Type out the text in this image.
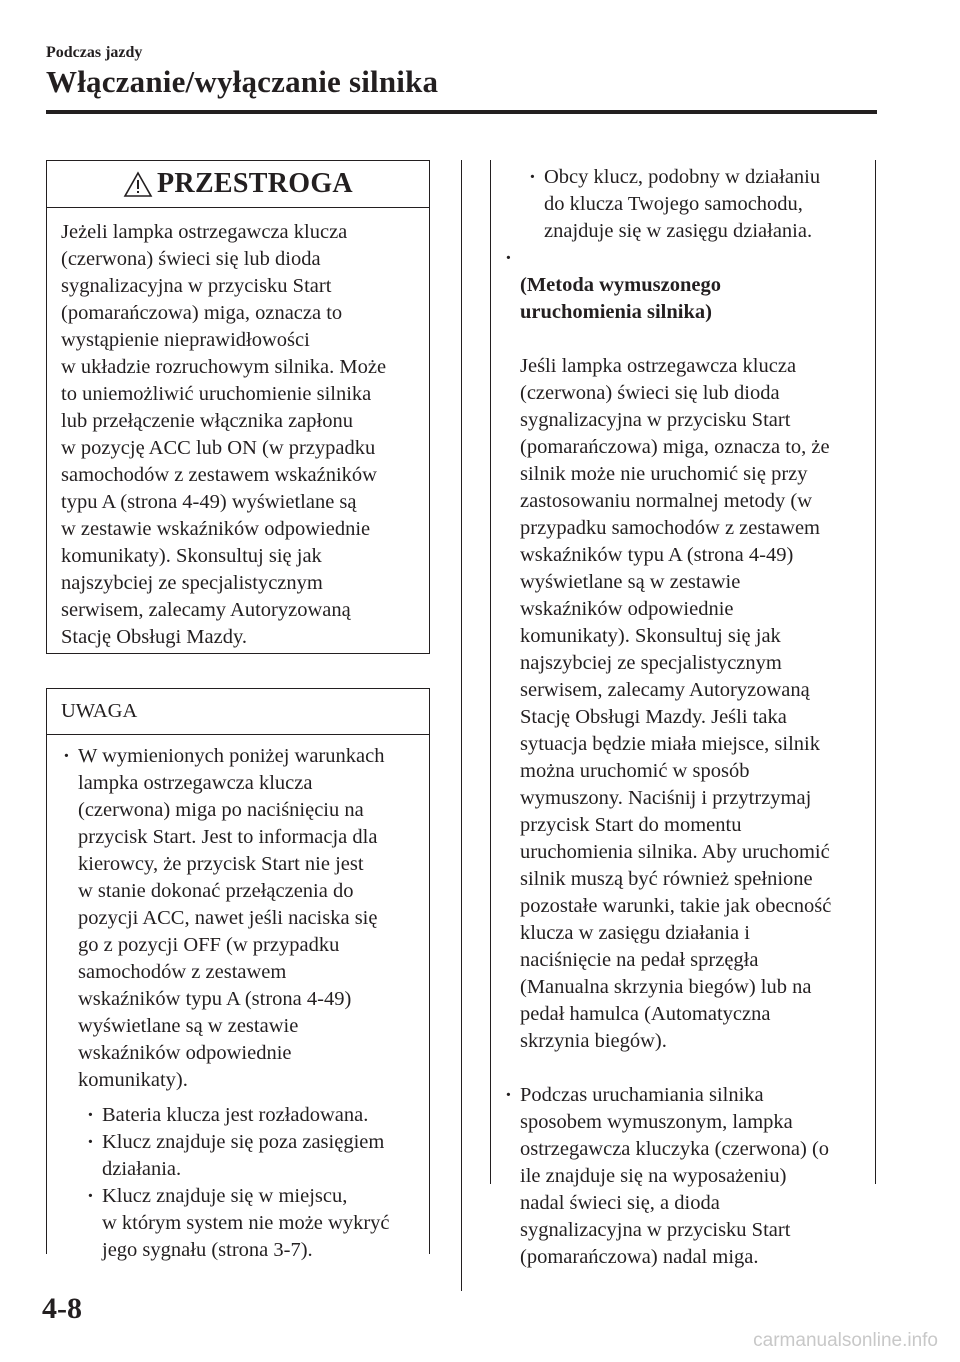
Podczas jazdy
Włączanie/wyłączanie silnika
PRZESTROGA
Jeżeli lampka ostrzegawcza klucza
(czerwona) świeci się lub dioda
sygnalizacyjna w przycisku Start
(pomarańczowa) miga, oznacza to
wystąpienie nieprawidłowości
w układzie rozruchowym silnika. Może
to uniemożliwić uruchomienie silnika
lub przełączenie włącznika zapłonu
w pozycję ACC lub ON (w przypadku
samochodów z zestawem wskaźników
typu A (strona 4-49) wyświetlane są
w zestawie wskaźników odpowiednie
komunikaty). Skonsultuj się jak
najszybciej ze specjalistycznym
serwisem, zalecamy Autoryzowaną
Stację Obsługi Mazdy.
UWAGA
· W wymienionych poniżej warunkach
lampka ostrzegawcza klucza
(czerwona) miga po naciśnięciu na
przycisk Start. Jest to informacja dla
kierowcy, że przycisk Start nie jest
w stanie dokonać przełączenia do
pozycji ACC, nawet jeśli naciska się
go z pozycji OFF (w przypadku
samochodów z zestawem
wskaźników typu A (strona 4-49)
wyświetlane są w zestawie
wskaźników odpowiednie
komunikaty).
· Bateria klucza jest rozładowana.
· Klucz znajduje się poza zasięgiem
działania.
· Klucz znajduje się w miejscu,
w którym system nie może wykryć
jego sygnału (strona 3-7).
· Obcy klucz, podobny w działaniu
do klucza Twojego samochodu,
znajduje się w zasięgu działania.

· (Metoda wymuszonego
uruchomienia silnika)

Jeśli lampka ostrzegawcza klucza
(czerwona) świeci się lub dioda
sygnalizacyjna w przycisku Start
(pomarańczowa) miga, oznacza to, że
silnik może nie uruchomić się przy
zastosowaniu normalnej metody (w
przypadku samochodów z zestawem
wskaźników typu A (strona 4-49)
wyświetlane są w zestawie
wskaźników odpowiednie
komunikaty). Skonsultuj się jak
najszybciej ze specjalistycznym
serwisem, zalecamy Autoryzowaną
Stację Obsługi Mazdy. Jeśli taka
sytuacja będzie miała miejsce, silnik
można uruchomić w sposób
wymuszony. Naciśnij i przytrzymaj
przycisk Start do momentu
uruchomienia silnika. Aby uruchomić
silnik muszą być również spełnione
pozostałe warunki, takie jak obecność
klucza w zasięgu działania i
naciśnięcie na pedał sprzęgła
(Manualna skrzynia biegów) lub na
pedał hamulca (Automatyczna
skrzynia biegów).

· Podczas uruchamiania silnika
sposobem wymuszonym, lampka
ostrzegawcza kluczyka (czerwona) (o
ile znajduje się na wyposażeniu)
nadal świeci się, a dioda
sygnalizacyjna w przycisku Start
(pomarańczowa) nadal miga.
4-8
carmanualsonline.info
